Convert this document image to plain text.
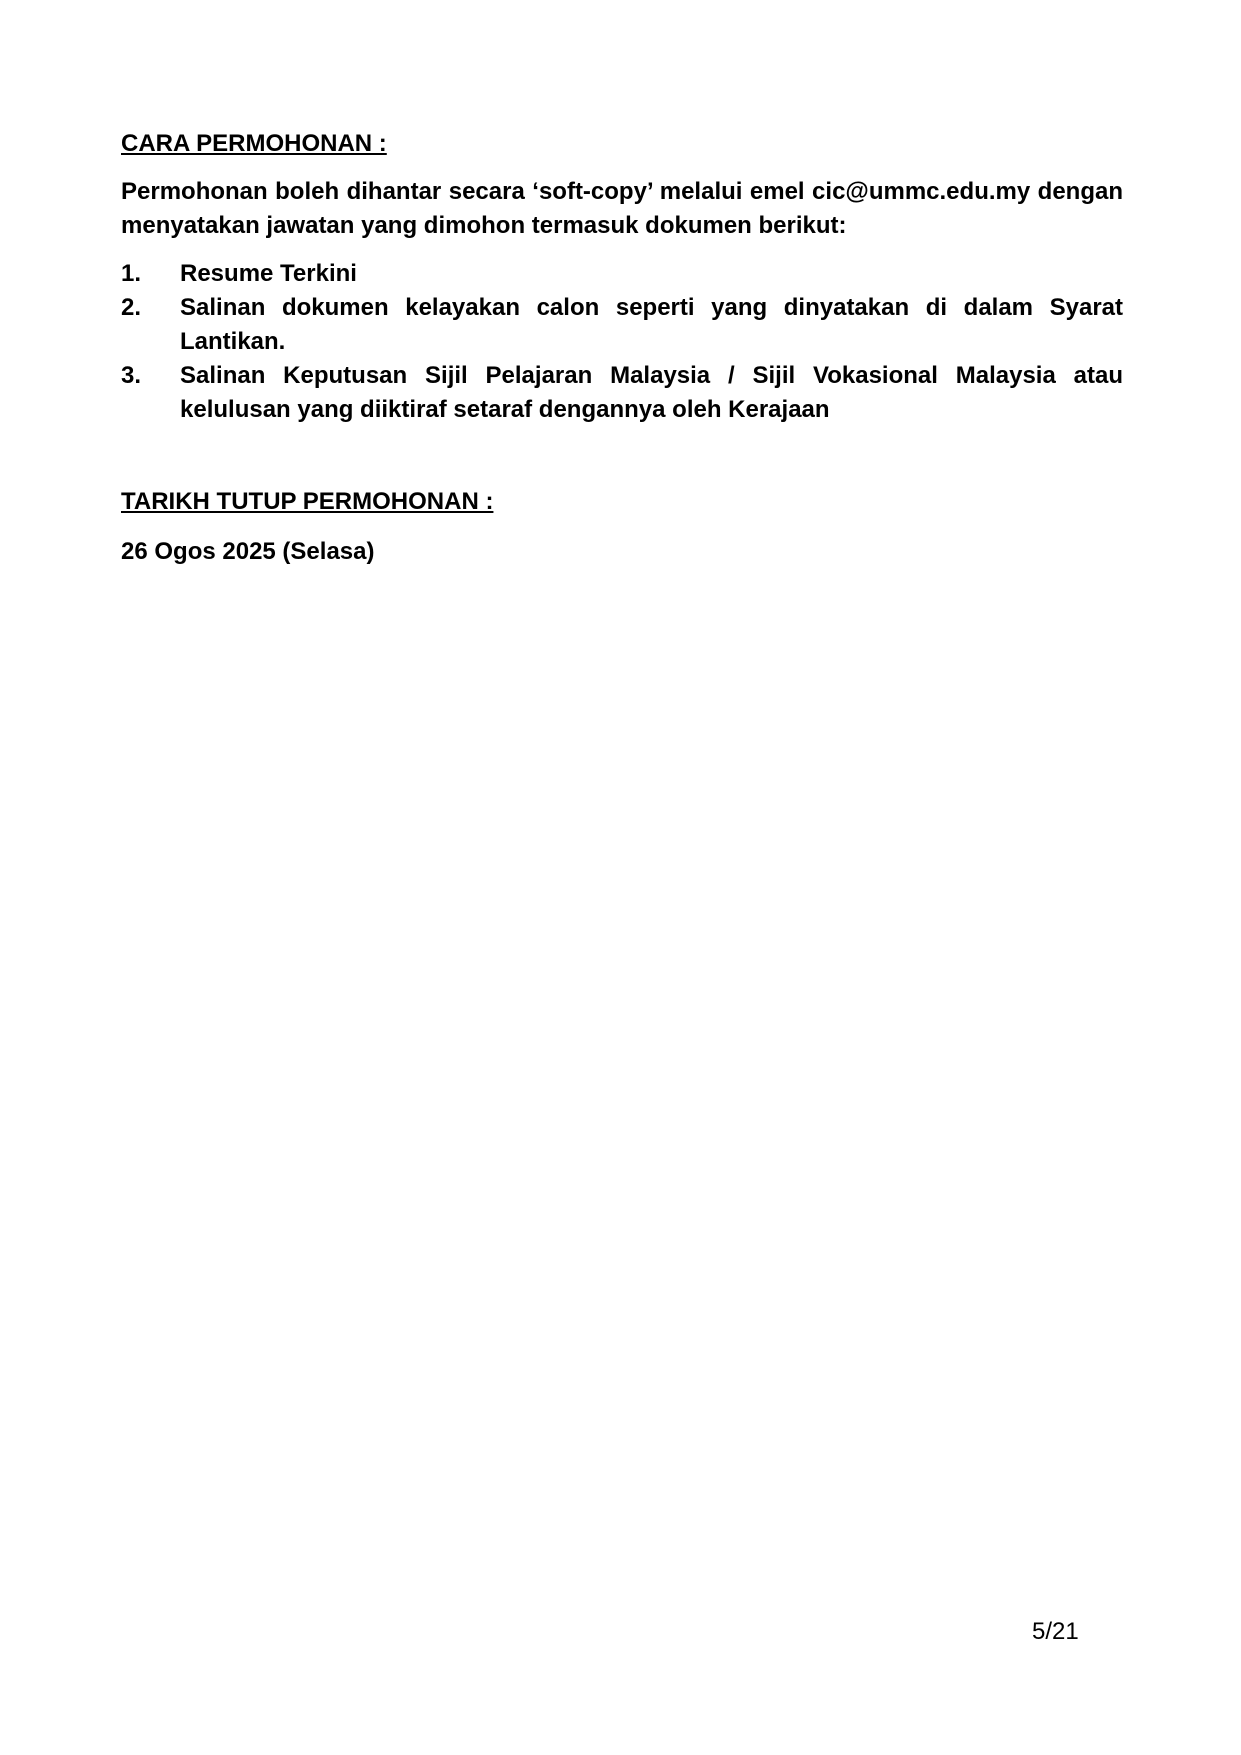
CARA PERMOHONAN :

Permohonan boleh dihantar secara ‘soft-copy’ melalui emel cic@ummc.edu.my dengan menyatakan jawatan yang dimohon termasuk dokumen berikut:

1. Resume Terkini
2. Salinan dokumen kelayakan calon seperti yang dinyatakan di dalam Syarat Lantikan.
3. Salinan Keputusan Sijil Pelajaran Malaysia / Sijil Vokasional Malaysia atau kelulusan yang diiktiraf setaraf dengannya oleh Kerajaan

TARIKH TUTUP PERMOHONAN :

26 Ogos 2025 (Selasa)

5/21
